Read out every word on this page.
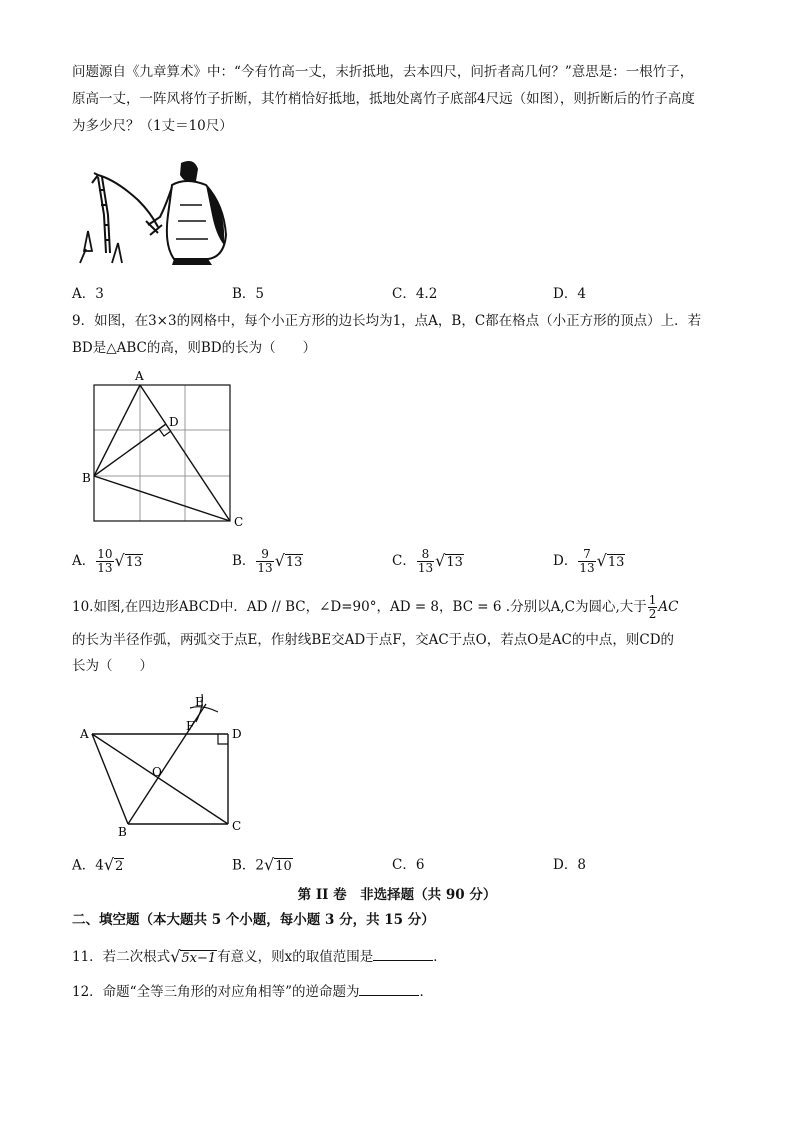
问题源自《九章算术》中：“今有竹高一丈，末折抵地，去本四尺，问折者高几何？”意思是：一根竹子，
原高一丈，一阵风将竹子折断，其竹梢恰好抵地，抵地处离竹子底部4尺远（如图），则折断后的竹子高度
为多少尺？（1丈＝10尺）
A．3	B．5	C．4.2	D．4
9．如图，在3×3的网格中，每个小正方形的边长均为1，点A，B，C都在格点（小正方形的顶点）上．若
BD是△ABC的高，则BD的长为（　　）
A
D
B
C
A． $\frac{10}{13} √13$	B． $\frac{9}{13} √13$	C． $\frac{8}{13} √13$	D． $\frac{7}{13} √13$
10.如图,在四边形ABCD中．AD // BC，∠D=90°，AD = 8，BC = 6 .分别以A,C为圆心,大于 $\frac{1}{2}$ AC
的长为半径作弧，两弧交于点E，作射线BE交AD于点F，交AC于点O，若点O是AC的中点，则CD的
长为（　　）
A	D
B	C
E
F
O
A．4√2	B．2√10	C．6	D．8
第 II 卷　非选择题（共 90 分）
二、填空题（本大题共 5 个小题，每小题 3 分，共 15 分）
11．若二次根式√5x−1有意义，则x的取值范围是	．
12．命题“全等三角形的对应角相等”的逆命题为	．
